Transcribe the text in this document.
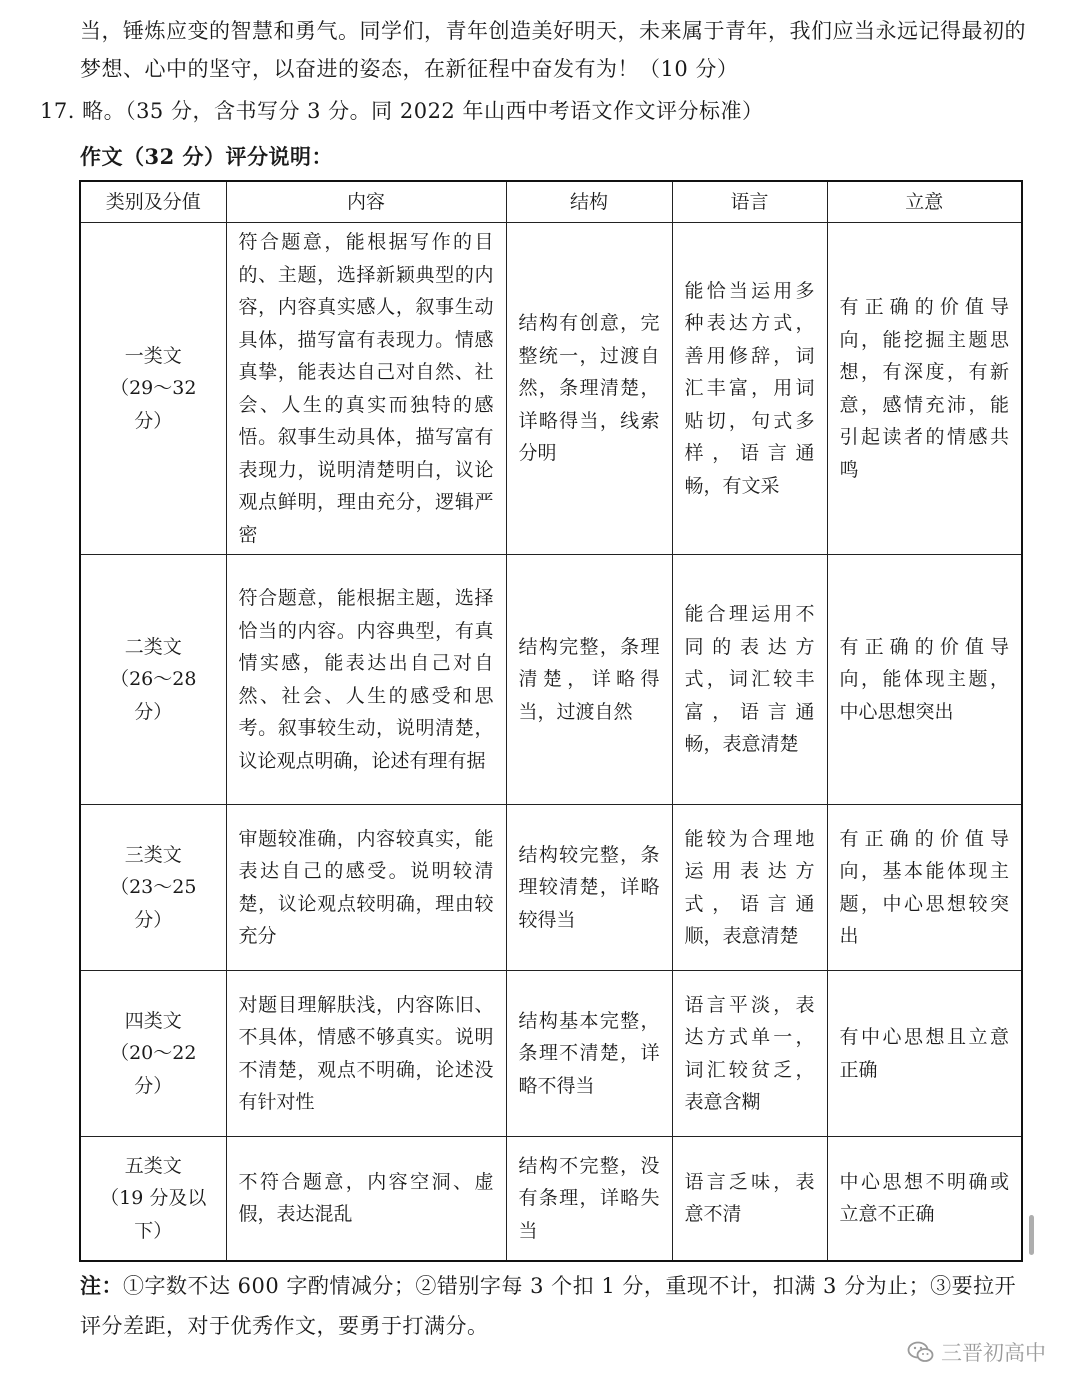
当，锤炼应变的智慧和勇气。同学们，青年创造美好明天，未来属于青年，我们应当永远记得最初的梦想、心中的坚守，以奋进的姿态，在新征程中奋发有为！（10 分）
17. 略。（35 分，含书写分 3 分。同 2022 年山西中考语文作文评分标准）
作文（32 分）评分说明：
类别及分值	内容	结构	语言	立意

一类文
（29～32 分）	符合题意，能根据写作的目的、主题，选择新颖典型的内容，内容真实感人，叙事生动具体，描写富有表现力。情感真挚，能表达自己对自然、社会、人生的真实而独特的感悟。叙事生动具体，描写富有表现力，说明清楚明白，议论观点鲜明，理由充分，逻辑严密	结构有创意，完整统一，过渡自然，条理清楚，详略得当，线索分明	能恰当运用多种表达方式，善用修辞，词汇丰富，用词贴切，句式多样，语言通畅，有文采	有正确的价值导向，能挖掘主题思想，有深度，有新意，感情充沛，能引起读者的情感共鸣

二类文
（26～28 分）	符合题意，能根据主题，选择恰当的内容。内容典型，有真情实感，能表达出自己对自然、社会、人生的感受和思考。叙事较生动，说明清楚，议论观点明确，论述有理有据	结构完整，条理清楚，详略得当，过渡自然	能合理运用不同的表达方式，词汇较丰富，语言通畅，表意清楚	有正确的价值导向，能体现主题，中心思想突出

三类文
（23～25 分）	审题较准确，内容较真实，能表达自己的感受。说明较清楚，议论观点较明确，理由较充分	结构较完整，条理较清楚，详略较得当	能较为合理地运用表达方式，语言通顺，表意清楚	有正确的价值导向，基本能体现主题，中心思想较突出

四类文
（20～22 分）	对题目理解肤浅，内容陈旧、不具体，情感不够真实。说明不清楚，观点不明确，论述没有针对性	结构基本完整，条理不清楚，详略不得当	语言平淡，表达方式单一，词汇较贫乏，表意含糊	有中心思想且立意正确

五类文
（19 分及以下）	不符合题意，内容空洞、虚假，表达混乱	结构不完整，没有条理，详略失当	语言乏味，表意不清	中心思想不明确或立意不正确
注：①字数不达 600 字酌情减分；②错别字每 3 个扣 1 分，重现不计，扣满 3 分为止；③要拉开评分差距，对于优秀作文，要勇于打满分。
三晋初高中
